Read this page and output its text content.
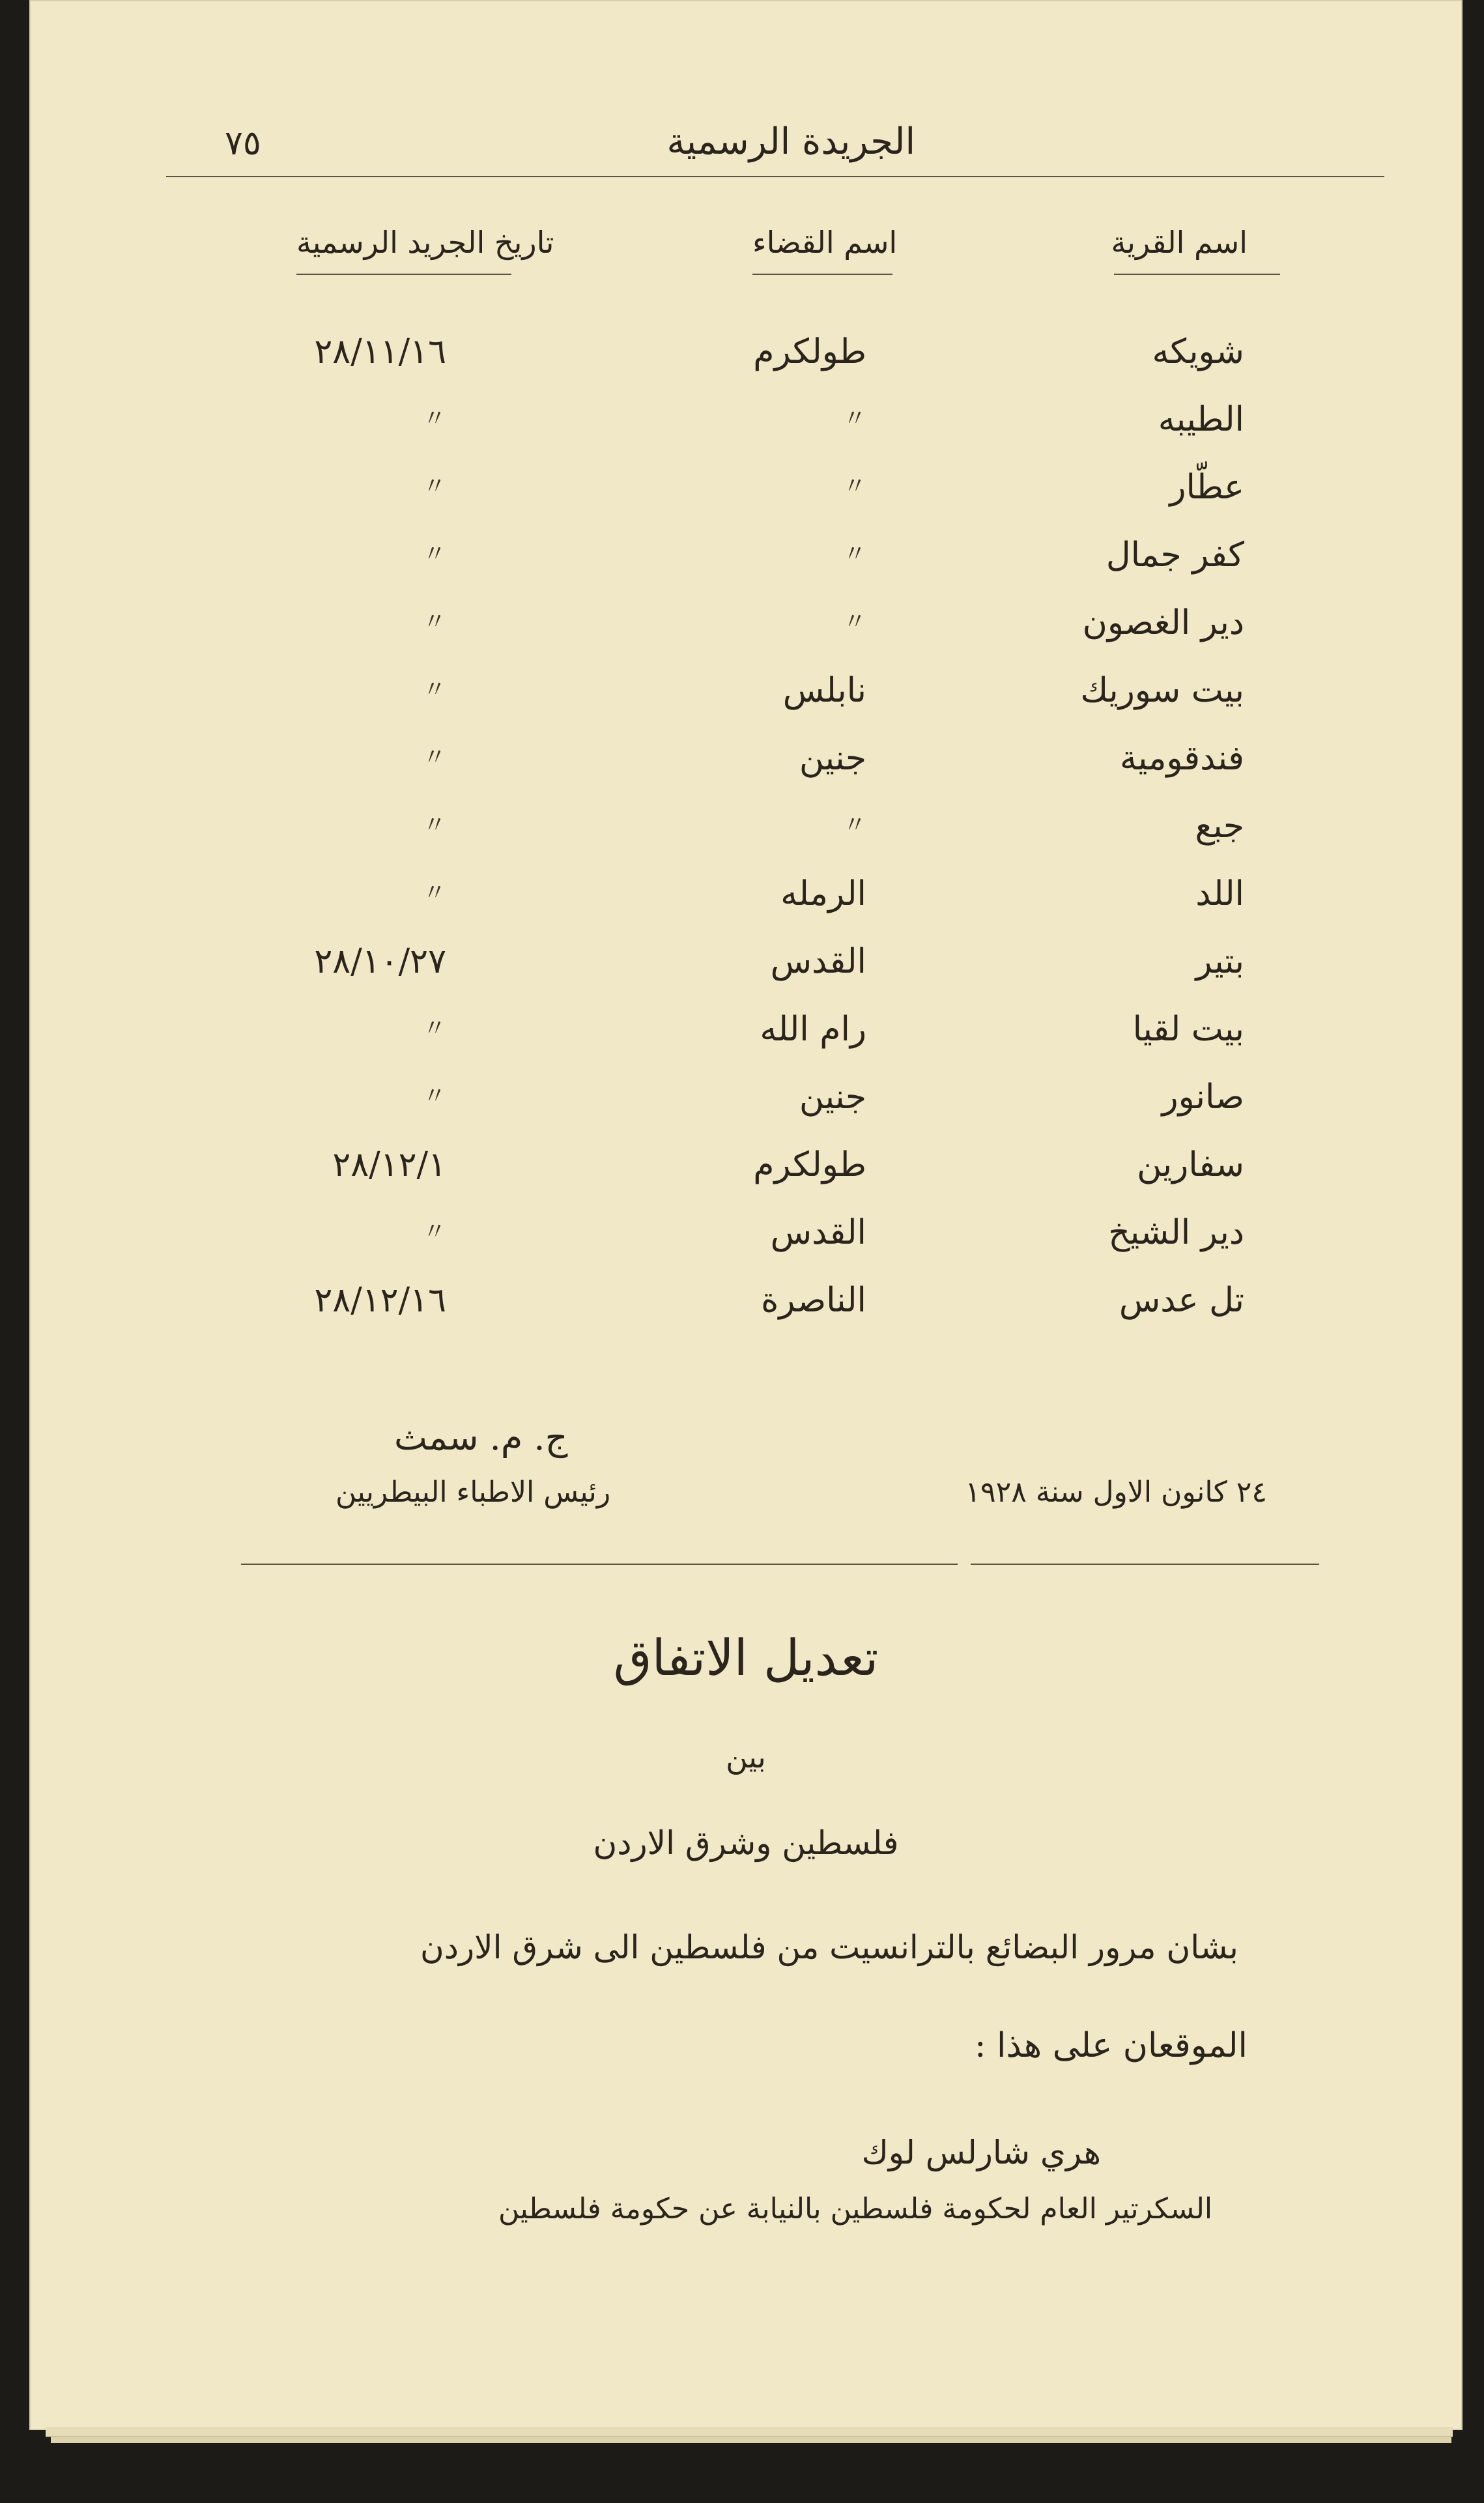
٧٥	الجريدة الرسمية
اسم القرية
اسم القضاء
تاريخ الجريد الرسمية
شويكه
طولكرم
٢٨/١١/١٦
الطيبه
〃
〃
عطّار
〃
〃
كفر جمال
〃
〃
دير الغصون
〃
〃
بيت سوريك
نابلس
〃
فندقومية
جنين
〃
جبع
〃
〃
اللد
الرمله
〃
بتير
القدس
٢٨/١٠/٢٧
بيت لقيا
رام الله
〃
صانور
جنين
〃
سفارين
طولكرم
٢٨/١٢/١
دير الشيخ
القدس
〃
تل عدس
الناصرة
٢٨/١٢/١٦
ج. م. سمث
رئيس الاطباء البيطريين	٢٤ كانون الاول سنة ١٩٢٨
تعديل الاتفاق
بين
فلسطين وشرق الاردن
بشان مرور البضائع بالترانسيت من فلسطين الى شرق الاردن
الموقعان على هذا :
هري شارلس لوك
السكرتير العام لحكومة فلسطين بالنيابة عن حكومة فلسطين
